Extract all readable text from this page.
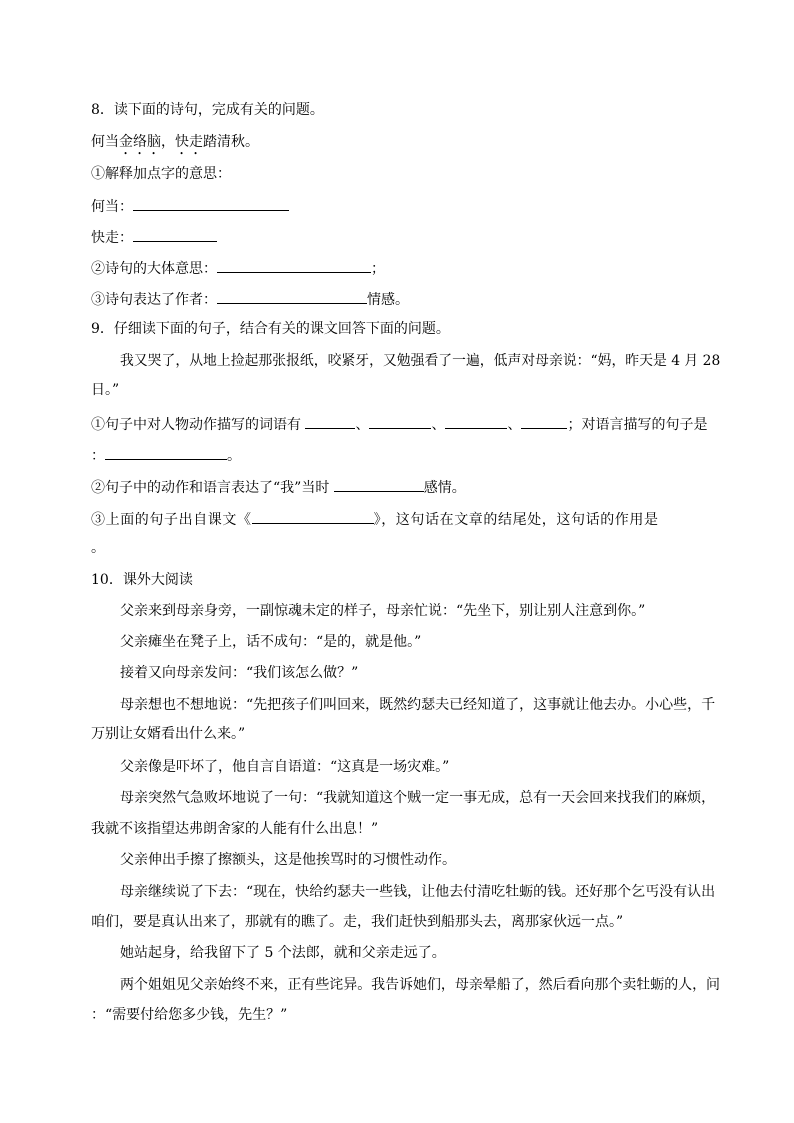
8．读下面的诗句，完成有关的问题。
何当金络脑，快走踏清秋。
①解释加点字的意思：
何当：
快走：
②诗句的大体意思：	；
③诗句表达了作者：	情感。
9．仔细读下面的句子，结合有关的课文回答下面的问题。
我又哭了，从地上捡起那张报纸，咬紧牙，又勉强看了一遍，低声对母亲说：“妈，昨天是 4 月 28
日。”
①句子中对人物动作描写的词语有	、	、	、	；对语言描写的句子是
：	。
②句子中的动作和语言表达了“我”当时	感情。
③上面的句子出自课文《	》，这句话在文章的结尾处，这句话的作用是
。
10．课外大阅读
父亲来到母亲身旁，一副惊魂未定的样子，母亲忙说：“先坐下，别让别人注意到你。”
父亲瘫坐在凳子上，话不成句：“是的，就是他。”
接着又向母亲发问：“我们该怎么做？”
母亲想也不想地说：“先把孩子们叫回来，既然约瑟夫已经知道了，这事就让他去办。小心些，千
万别让女婿看出什么来。”
父亲像是吓坏了，他自言自语道：“这真是一场灾难。”
母亲突然气急败坏地说了一句：“我就知道这个贼一定一事无成，总有一天会回来找我们的麻烦，
我就不该指望达弗朗舍家的人能有什么出息！”
父亲伸出手擦了擦额头，这是他挨骂时的习惯性动作。
母亲继续说了下去：“现在，快给约瑟夫一些钱，让他去付清吃牡蛎的钱。还好那个乞丐没有认出
咱们，要是真认出来了，那就有的瞧了。走，我们赶快到船那头去，离那家伙远一点。”
她站起身，给我留下了 5 个法郎，就和父亲走远了。
两个姐姐见父亲始终不来，正有些诧异。我告诉她们，母亲晕船了，然后看向那个卖牡蛎的人，问
：“需要付给您多少钱，先生？”
